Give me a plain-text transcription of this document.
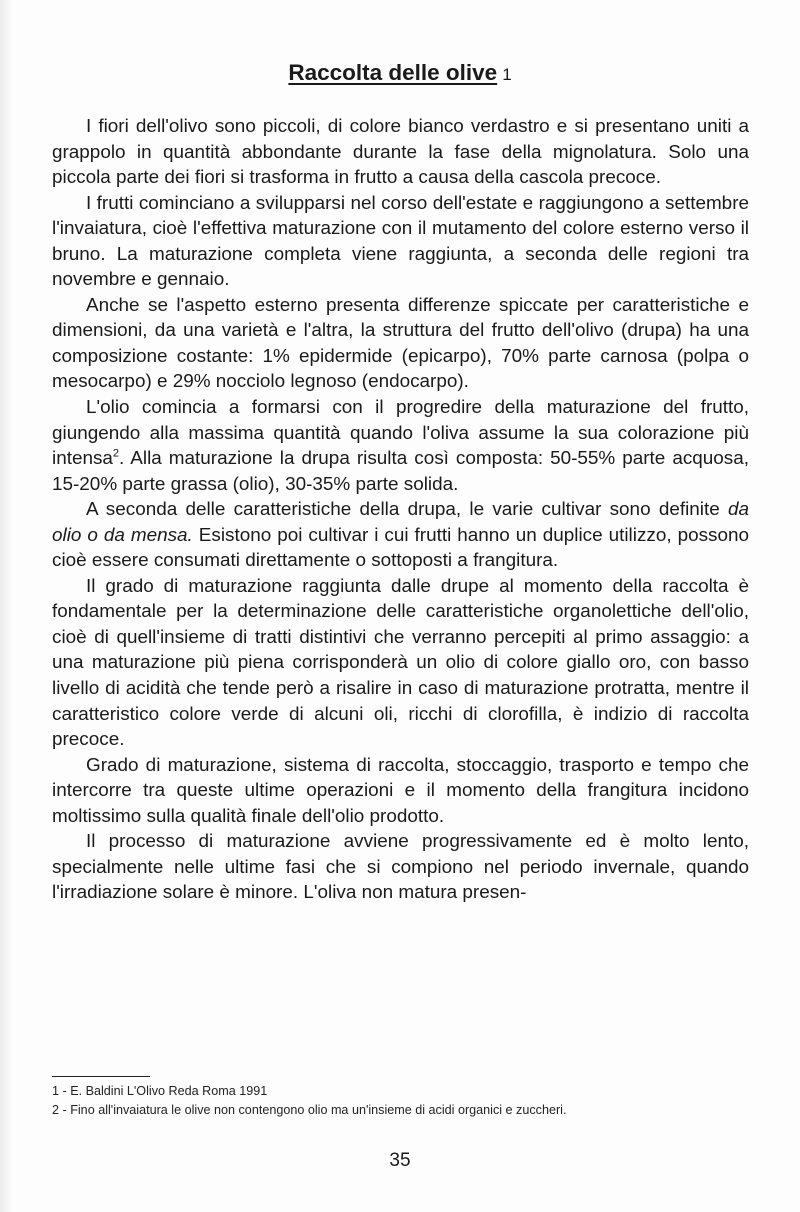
Raccolta delle olive 1

I fiori dell'olivo sono piccoli, di colore bianco verdastro e si presentano uniti a grappolo in quantità abbondante durante la fase della mignolatura. Solo una piccola parte dei fiori si trasforma in frutto a causa della cascola precoce.

I frutti cominciano a svilupparsi nel corso dell'estate e raggiungono a settembre l'invaiatura, cioè l'effettiva maturazione con il mutamento del colore esterno verso il bruno. La maturazione completa viene raggiunta, a seconda delle regioni tra novembre e gennaio.

Anche se l'aspetto esterno presenta differenze spiccate per caratteristiche e dimensioni, da una varietà e l'altra, la struttura del frutto dell'olivo (drupa) ha una composizione costante: 1% epidermide (epicarpo), 70% parte carnosa (polpa o mesocarpo) e 29% nocciolo legnoso (endocarpo).

L'olio comincia a formarsi con il progredire della maturazione del frutto, giungendo alla massima quantità quando l'oliva assume la sua colorazione più intensa$^2$. Alla maturazione la drupa risulta così composta: 50-55% parte acquosa, 15-20% parte grassa (olio), 30-35% parte solida.

A seconda delle caratteristiche della drupa, le varie cultivar sono definite da olio o da mensa. Esistono poi cultivar i cui frutti hanno un duplice utilizzo, possono cioè essere consumati direttamente o sottoposti a frangitura.

Il grado di maturazione raggiunta dalle drupe al momento della raccolta è fondamentale per la determinazione delle caratteristiche organolettiche dell'olio, cioè di quell'insieme di tratti distintivi che verranno percepiti al primo assaggio: a una maturazione più piena corrisponderà un olio di colore giallo oro, con basso livello di acidità che tende però a risalire in caso di maturazione protratta, mentre il caratteristico colore verde di alcuni oli, ricchi di clorofilla, è indizio di raccolta precoce.

Grado di maturazione, sistema di raccolta, stoccaggio, trasporto e tempo che intercorre tra queste ultime operazioni e il momento della frangitura incidono moltissimo sulla qualità finale dell'olio prodotto.

Il processo di maturazione avviene progressivamente ed è molto lento, specialmente nelle ultime fasi che si compiono nel periodo invernale, quando l'irradiazione solare è minore. L'oliva non matura presen-

1 - E. Baldini L'Olivo Reda Roma 1991

2 - Fino all'invaiatura le olive non contengono olio ma un'insieme di acidi organici e zuccheri.

35
